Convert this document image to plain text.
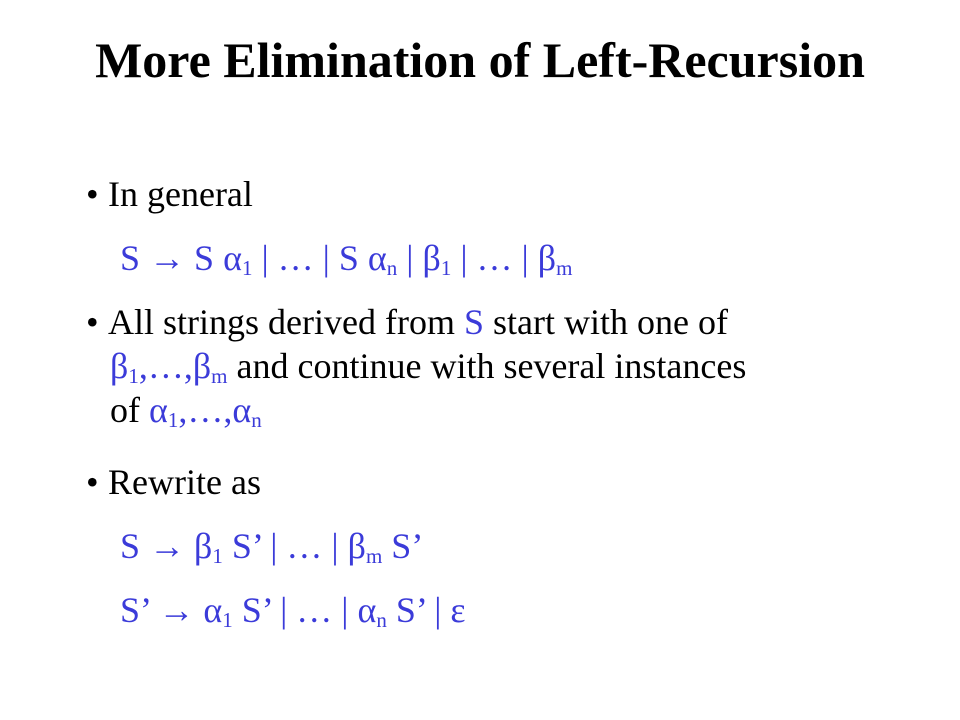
More Elimination of Left-Recursion
• In general
S → S $\alpha_1$ | … | S $\alpha_n$ | $\beta_1$ | … | $\beta_m$
• All strings derived from S start with one of
$\beta_1,\dots,\beta_m$ and continue with several instances
of $\alpha_1,\dots,\alpha_n$
• Rewrite as
$S \to \beta_1$ S’ | … | $\beta_m$ S’
S’ → $\alpha_1$ S’ | … | $\alpha_n$ S’ | ε
